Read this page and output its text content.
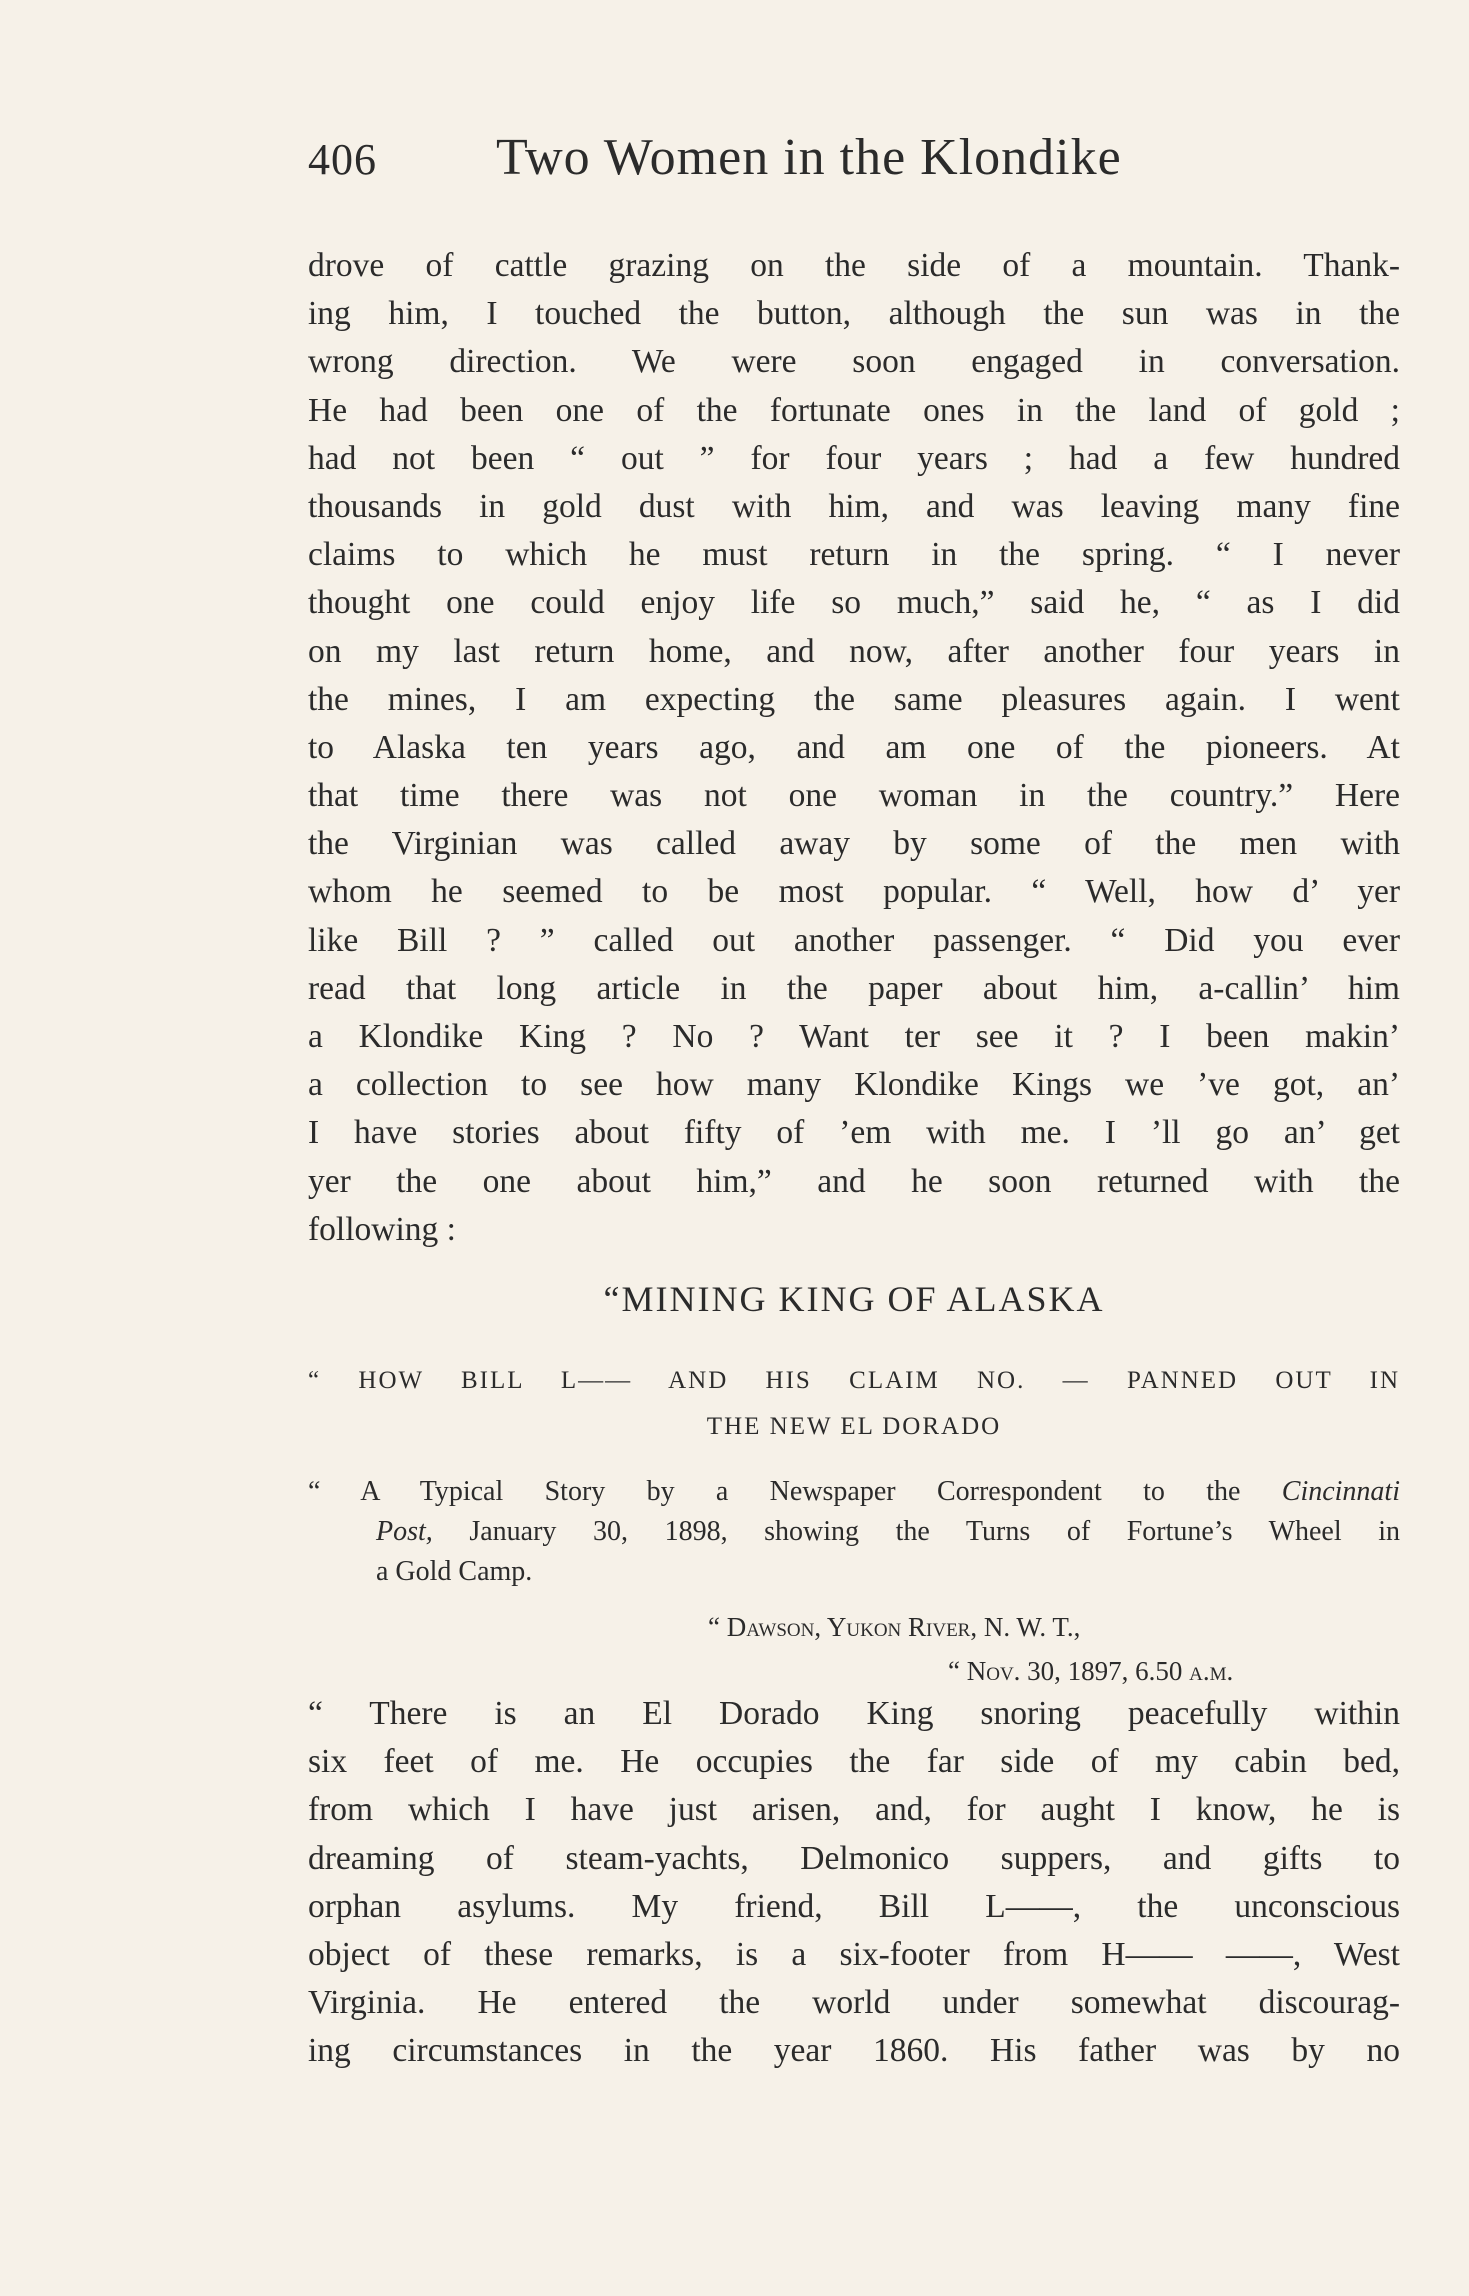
406 Two Women in the Klondike
drove of cattle grazing on the side of a mountain. Thank-
ing him, I touched the button, although the sun was in the
wrong direction. We were soon engaged in conversation.
He had been one of the fortunate ones in the land of gold ;
had not been “ out ” for four years ; had a few hundred
thousands in gold dust with him, and was leaving many fine
claims to which he must return in the spring. “ I never
thought one could enjoy life so much,” said he, “ as I did
on my last return home, and now, after another four years in
the mines, I am expecting the same pleasures again. I went
to Alaska ten years ago, and am one of the pioneers. At
that time there was not one woman in the country.” Here
the Virginian was called away by some of the men with
whom he seemed to be most popular. “ Well, how d’ yer
like Bill ? ” called out another passenger. “ Did you ever
read that long article in the paper about him, a-callin’ him
a Klondike King ? No ? Want ter see it ? I been makin’
a collection to see how many Klondike Kings we ’ve got, an’
I have stories about fifty of ’em with me. I ’ll go an’ get
yer the one about him,” and he soon returned with the
following :
“MINING KING OF ALASKA
“ HOW BILL L—— AND HIS CLAIM NO. — PANNED OUT IN
THE NEW EL DORADO
“ A Typical Story by a Newspaper Correspondent to the Cincinnati
Post, January 30, 1898, showing the Turns of Fortune’s Wheel in
a Gold Camp.
“ Dawson, Yukon River, N. W. T.,
“ Nov. 30, 1897, 6.50 a.m.
“ There is an El Dorado King snoring peacefully within
six feet of me. He occupies the far side of my cabin bed,
from which I have just arisen, and, for aught I know, he is
dreaming of steam-yachts, Delmonico suppers, and gifts to
orphan asylums. My friend, Bill L——, the unconscious
object of these remarks, is a six-footer from H—— ——, West
Virginia. He entered the world under somewhat discourag-
ing circumstances in the year 1860. His father was by no
